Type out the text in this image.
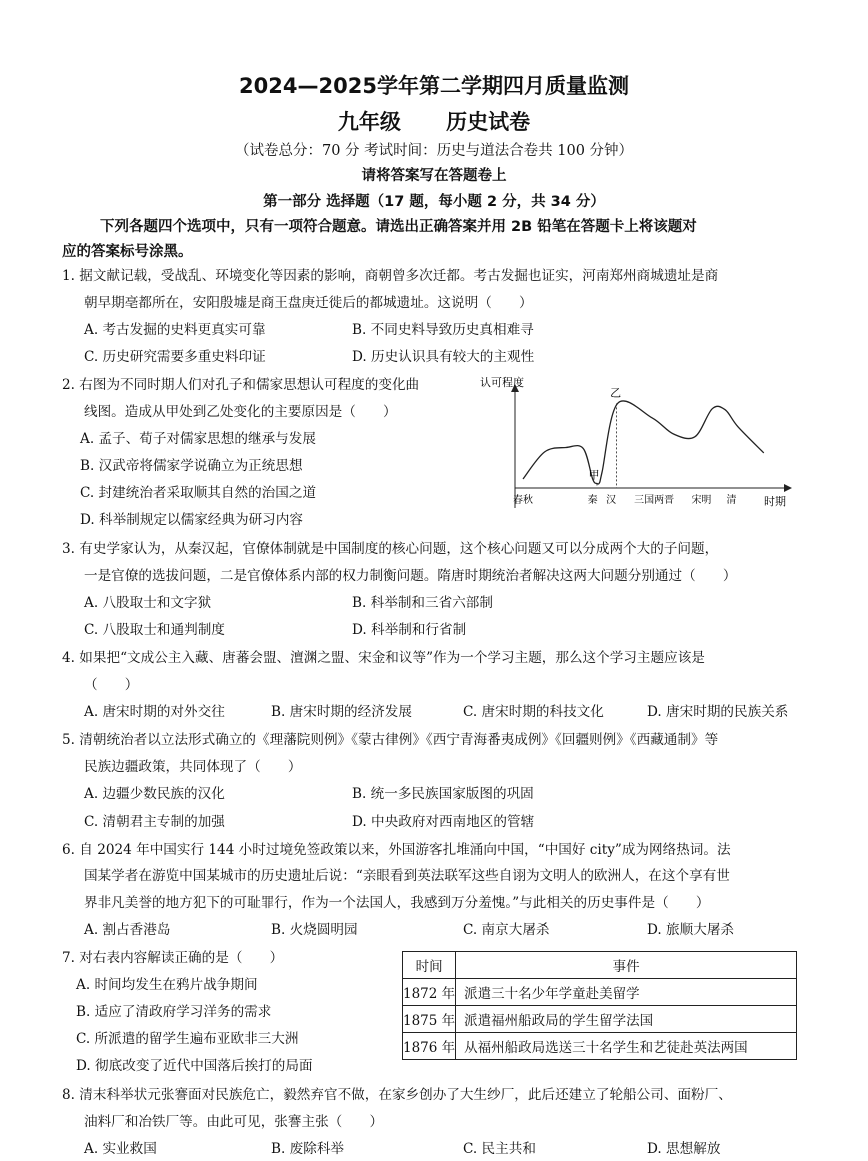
2024—2025学年第二学期四月质量监测
九年级 历史试卷
（试卷总分：70 分 考试时间：历史与道法合卷共 100 分钟）
请将答案写在答题卷上
第一部分 选择题（17 题，每小题 2 分，共 34 分）
下列各题四个选项中，只有一项符合题意。请选出正确答案并用 2B 铅笔在答题卡上将该题对
应的答案标号涂黑。
1. 据文献记载，受战乱、环境变化等因素的影响，商朝曾多次迁都。考古发掘也证实，河南郑州商城遗址是商
朝早期亳都所在，安阳殷墟是商王盘庚迁徙后的都城遗址。这说明（　　）
A. 考古发掘的史料更真实可靠	B. 不同史料导致历史真相难寻
C. 历史研究需要多重史料印证	D. 历史认识具有较大的主观性
2. 右图为不同时期人们对孔子和儒家思想认可程度的变化曲
线图。造成从甲处到乙处变化的主要原因是（　　）
A. 孟子、荀子对儒家思想的继承与发展
B. 汉武帝将儒家学说确立为正统思想
C. 封建统治者采取顺其自然的治国之道
D. 科举制规定以儒家经典为研习内容
认可程度
时期
春秋	秦 汉 三国两晋 宋明 清
甲
乙
3. 有史学家认为，从秦汉起，官僚体制就是中国制度的核心问题，这个核心问题又可以分成两个大的子问题，
一是官僚的选拔问题，二是官僚体系内部的权力制衡问题。隋唐时期统治者解决这两大问题分别通过（　　）
A. 八股取士和文字狱	B. 科举制和三省六部制
C. 八股取士和通判制度	D. 科举制和行省制
4. 如果把“文成公主入藏、唐蕃会盟、澶渊之盟、宋金和议等”作为一个学习主题，那么这个学习主题应该是
（　　）
A. 唐宋时期的对外交往	B. 唐宋时期的经济发展	C. 唐宋时期的科技文化	D. 唐宋时期的民族关系
5. 清朝统治者以立法形式确立的《理藩院则例》《蒙古律例》《西宁青海番夷成例》《回疆则例》《西藏通制》等
民族边疆政策，共同体现了（　　）
A. 边疆少数民族的汉化	B. 统一多民族国家版图的巩固
C. 清朝君主专制的加强	D. 中央政府对西南地区的管辖
6. 自 2024 年中国实行 144 小时过境免签政策以来，外国游客扎堆涌向中国，“中国好 city”成为网络热词。法
国某学者在游览中国某城市的历史遗址后说：“亲眼看到英法联军这些自诩为文明人的欧洲人，在这个享有世
界非凡美誉的地方犯下的可耻罪行，作为一个法国人，我感到万分羞愧。”与此相关的历史事件是（　　）
A. 割占香港岛	B. 火烧圆明园	C. 南京大屠杀	D. 旅顺大屠杀
7. 对右表内容解读正确的是（　　）
A. 时间均发生在鸦片战争期间
B. 适应了清政府学习洋务的需求
C. 所派遣的留学生遍布亚欧非三大洲
D. 彻底改变了近代中国落后挨打的局面
时间	事件
1872 年	派遣三十名少年学童赴美留学
1875 年	派遣福州船政局的学生留学法国
1876 年	从福州船政局选送三十名学生和艺徒赴英法两国
8. 清末科举状元张謇面对民族危亡，毅然弃官不做，在家乡创办了大生纱厂，此后还建立了轮船公司、面粉厂、
油料厂和冶铁厂等。由此可见，张謇主张（　　）
A. 实业救国	B. 废除科举	C. 民主共和	D. 思想解放
